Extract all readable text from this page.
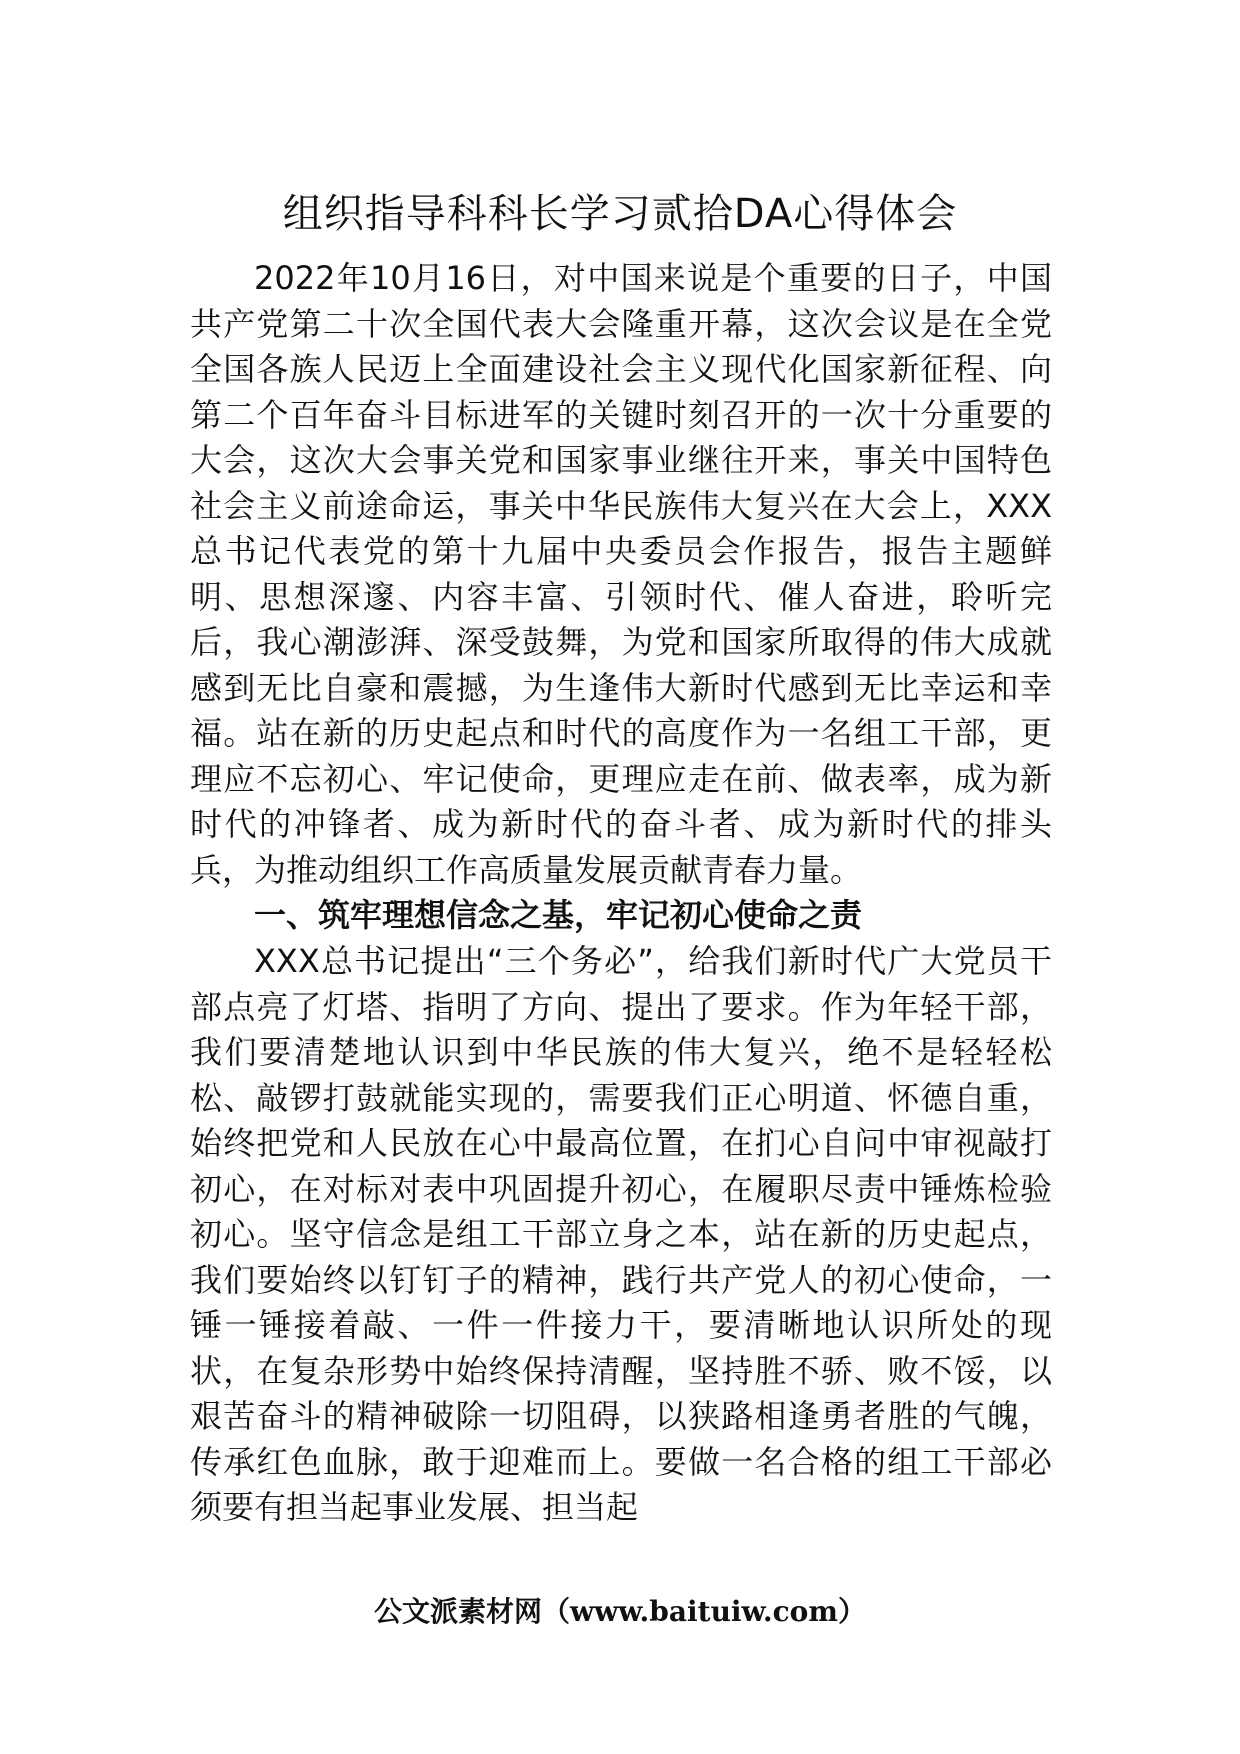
组织指导科科长学习贰拾DA心得体会

2022年10月16日，对中国来说是个重要的日子，中国共产党第二十次全国代表大会隆重开幕，这次会议是在全党全国各族人民迈上全面建设社会主义现代化国家新征程、向第二个百年奋斗目标进军的关键时刻召开的一次十分重要的大会，这次大会事关党和国家事业继往开来，事关中国特色社会主义前途命运，事关中华民族伟大复兴在大会上，XXX总书记代表党的第十九届中央委员会作报告，报告主题鲜明、思想深邃、内容丰富、引领时代、催人奋进，聆听完后，我心潮澎湃、深受鼓舞，为党和国家所取得的伟大成就感到无比自豪和震撼，为生逢伟大新时代感到无比幸运和幸福。站在新的历史起点和时代的高度作为一名组工干部，更理应不忘初心、牢记使命，更理应走在前、做表率，成为新时代的冲锋者、成为新时代的奋斗者、成为新时代的排头兵，为推动组织工作高质量发展贡献青春力量。

一、筑牢理想信念之基，牢记初心使命之责

XXX总书记提出“三个务必”，给我们新时代广大党员干部点亮了灯塔、指明了方向、提出了要求。作为年轻干部，我们要清楚地认识到中华民族的伟大复兴，绝不是轻轻松松、敲锣打鼓就能实现的，需要我们正心明道、怀德自重，始终把党和人民放在心中最高位置，在扪心自问中审视敲打初心，在对标对表中巩固提升初心，在履职尽责中锤炼检验初心。坚守信念是组工干部立身之本，站在新的历史起点，我们要始终以钉钉子的精神，践行共产党人的初心使命，一锤一锤接着敲、一件一件接力干，要清晰地认识所处的现状，在复杂形势中始终保持清醒，坚持胜不骄、败不馁，以艰苦奋斗的精神破除一切阻碍，以狭路相逢勇者胜的气魄，传承红色血脉，敢于迎难而上。要做一名合格的组工干部必须要有担当起事业发展、担当起

公文派素材网（www.baituiw.com）
